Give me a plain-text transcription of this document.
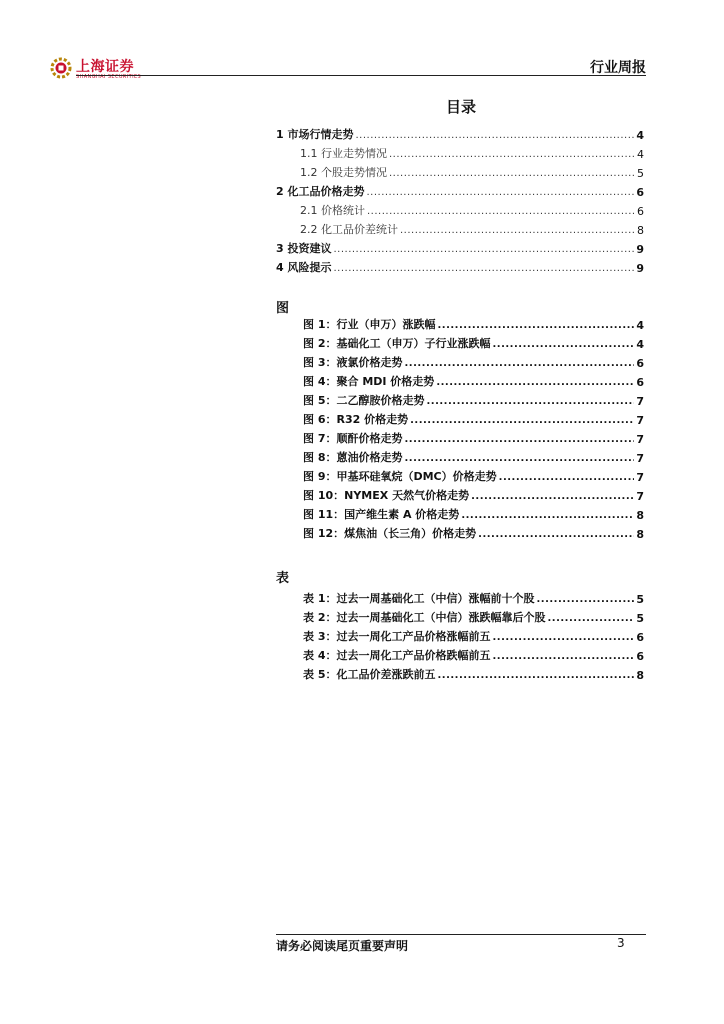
上海证券
SHANGHAI SECURITIES
行业周报
目录
1 市场行情走势 .....	4
1.1 行业走势情况 .....	4
1.2 个股走势情况 .....	5
2 化工品价格走势 .....	6
2.1 价格统计 .....	6
2.2 化工品价差统计 .....	8
3 投资建议 .....	9
4 风险提示 .....	9
图
图 1：行业（申万）涨跌幅 .....	4
图 2：基础化工（申万）子行业涨跌幅 .....	4
图 3：液氯价格走势 .....	6
图 4：聚合 MDI 价格走势 .....	6
图 5：二乙醇胺价格走势 .....	7
图 6：R32 价格走势 .....	7
图 7：顺酐价格走势 .....	7
图 8：蒽油价格走势 .....	7
图 9：甲基环硅氧烷（DMC）价格走势 .....	7
图 10：NYMEX 天然气价格走势 .....	7
图 11：国产维生素 A 价格走势 .....	8
图 12：煤焦油（长三角）价格走势 .....	8
表
表 1：过去一周基础化工（中信）涨幅前十个股 .....	5
表 2：过去一周基础化工（中信）涨跌幅靠后个股 .....	5
表 3：过去一周化工产品价格涨幅前五 .....	6
表 4：过去一周化工产品价格跌幅前五 .....	6
表 5：化工品价差涨跌前五 .....	8
请务必阅读尾页重要声明	3
